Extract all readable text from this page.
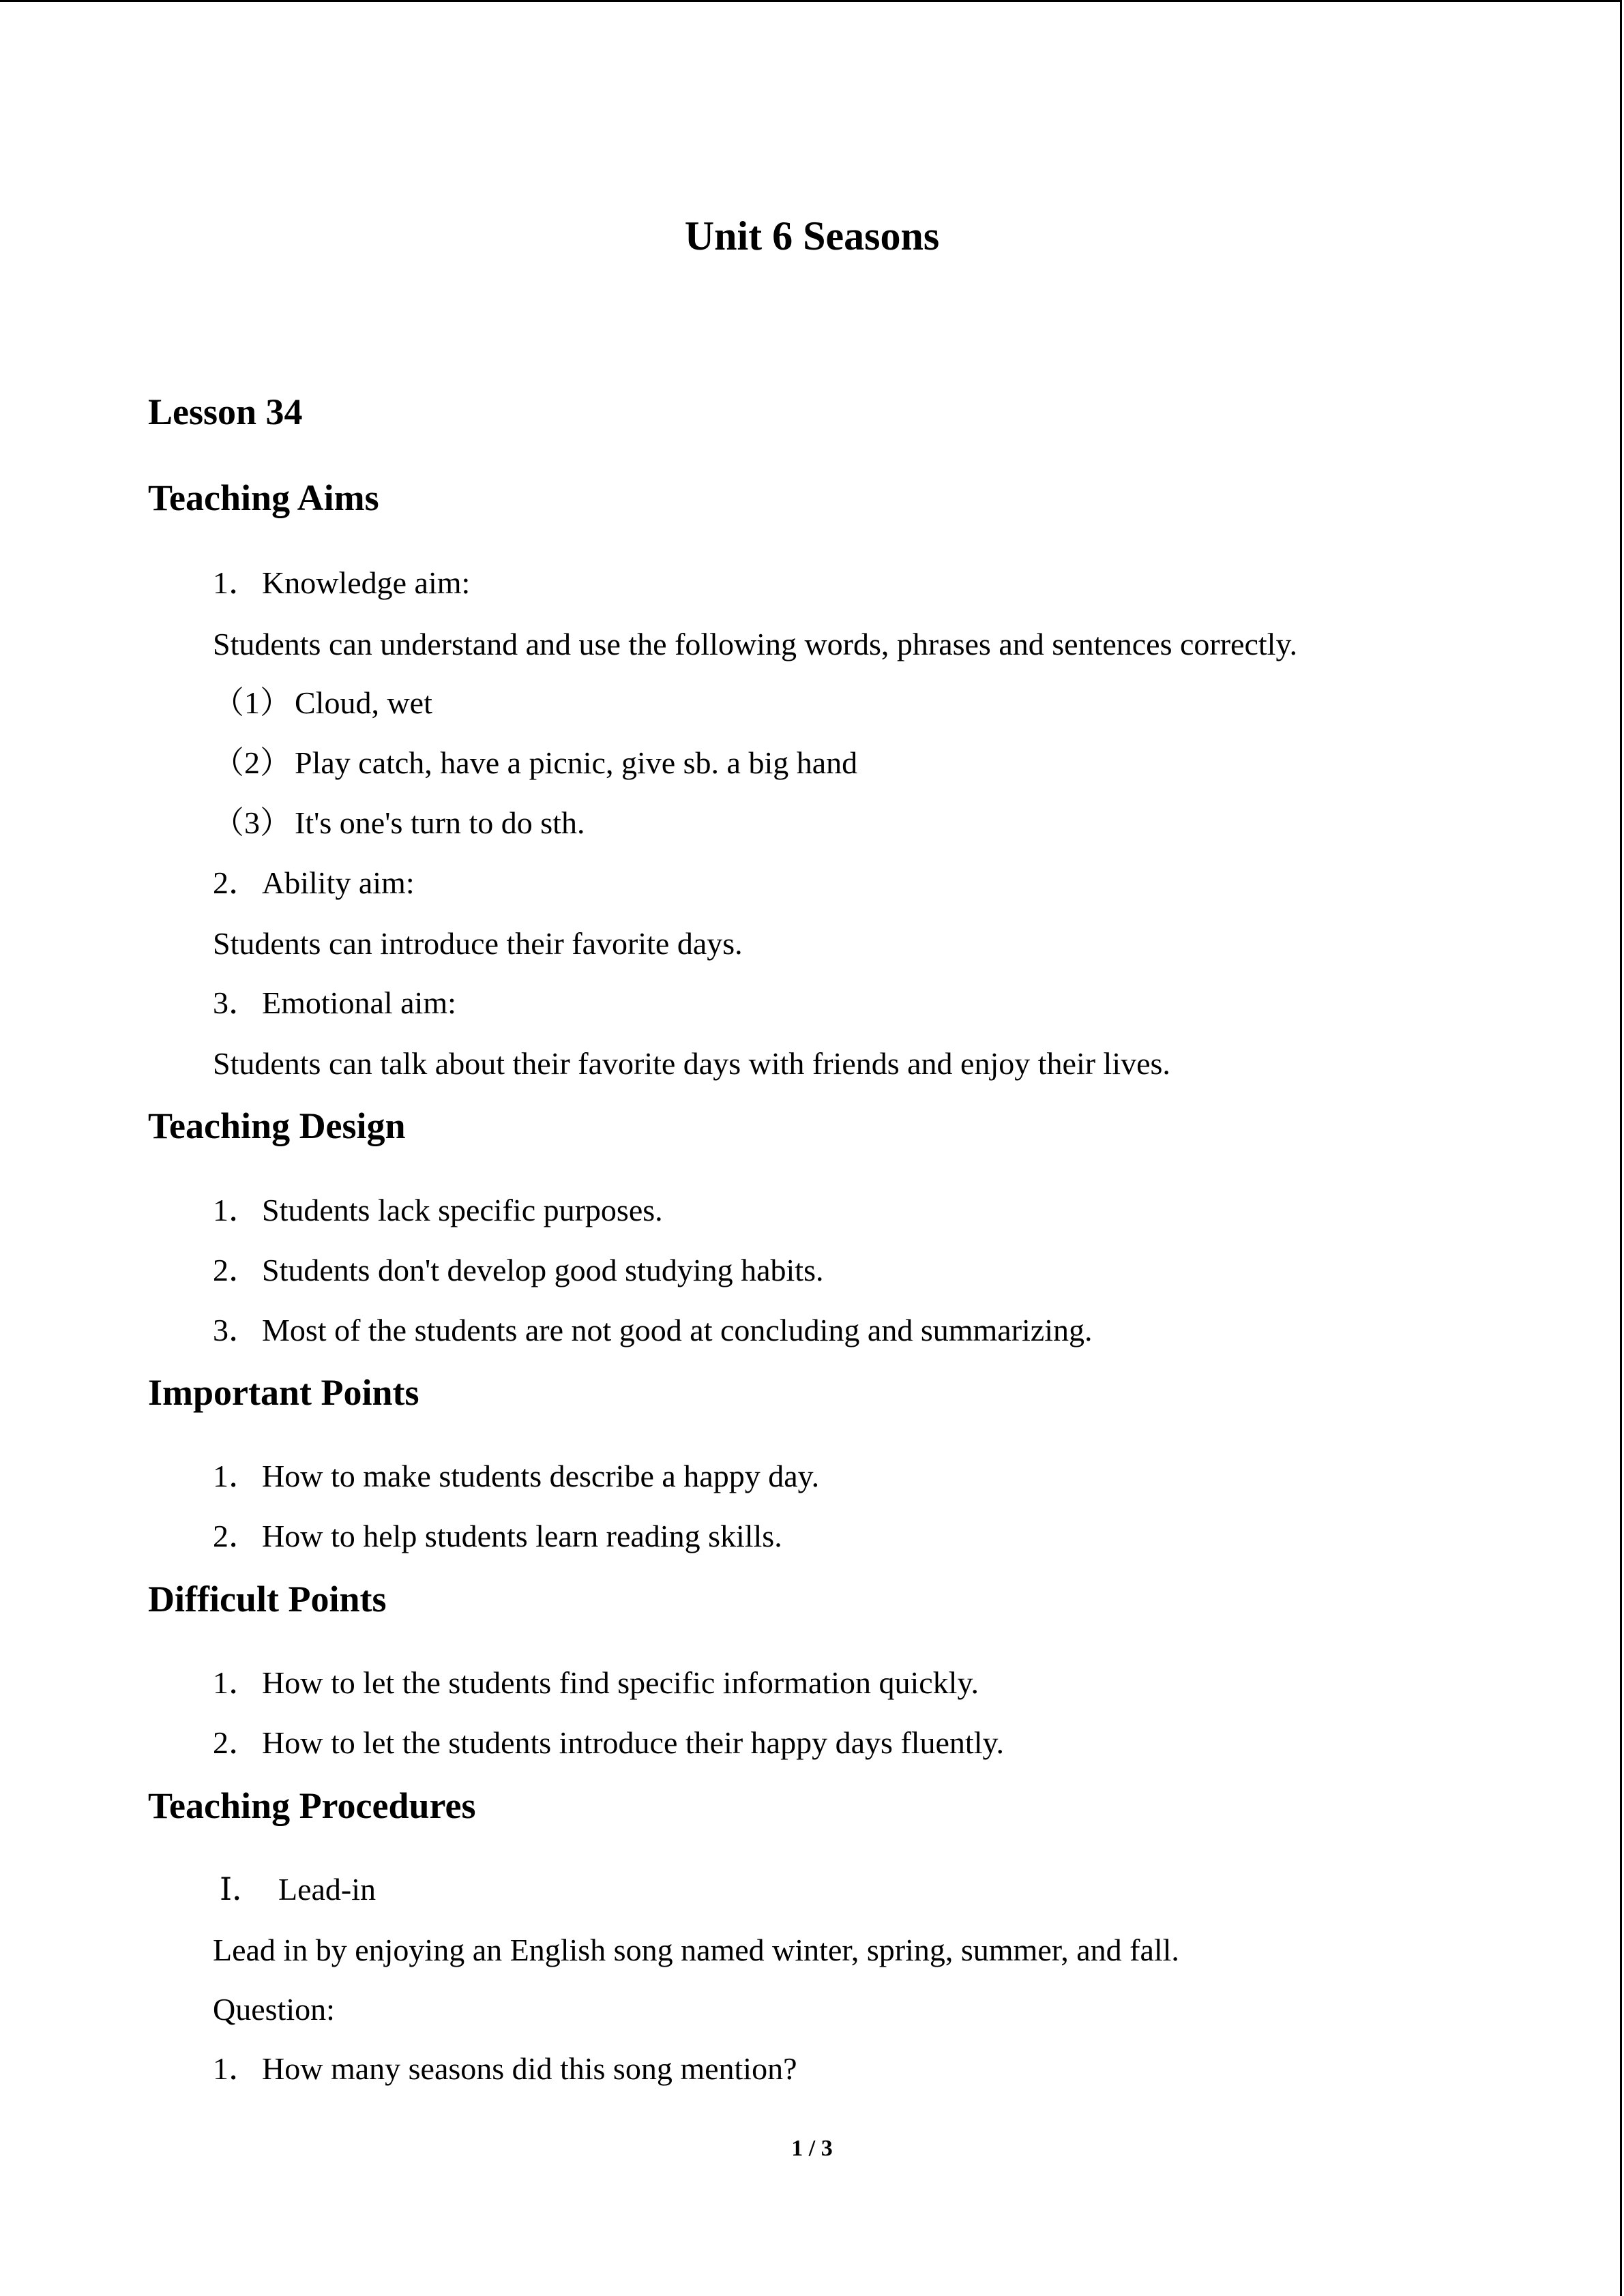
Unit 6 Seasons
Lesson 34
Teaching Aims

1．Knowledge aim:

Students can understand and use the following words, phrases and sentences correctly.

（1） Cloud, wet

（2） Play catch, have a picnic, give sb. a big hand

（3） It's one's turn to do sth.

2．Ability aim:

Students can introduce their favorite days.

3．Emotional aim:

Students can talk about their favorite days with friends and enjoy their lives.

Teaching Design

1．Students lack specific purposes.

2．Students don't develop good studying habits.

3．Most of the students are not good at concluding and summarizing.

Important Points

1．How to make students describe a happy day.

2．How to help students learn reading skills.

Difficult Points

1．How to let the students find specific information quickly.

2．How to let the students introduce their happy days fluently.

Teaching Procedures

Ⅰ． Lead-in

Lead in by enjoying an English song named winter, spring, summer, and fall.

Question:

1．How many seasons did this song mention?

1 / 3
